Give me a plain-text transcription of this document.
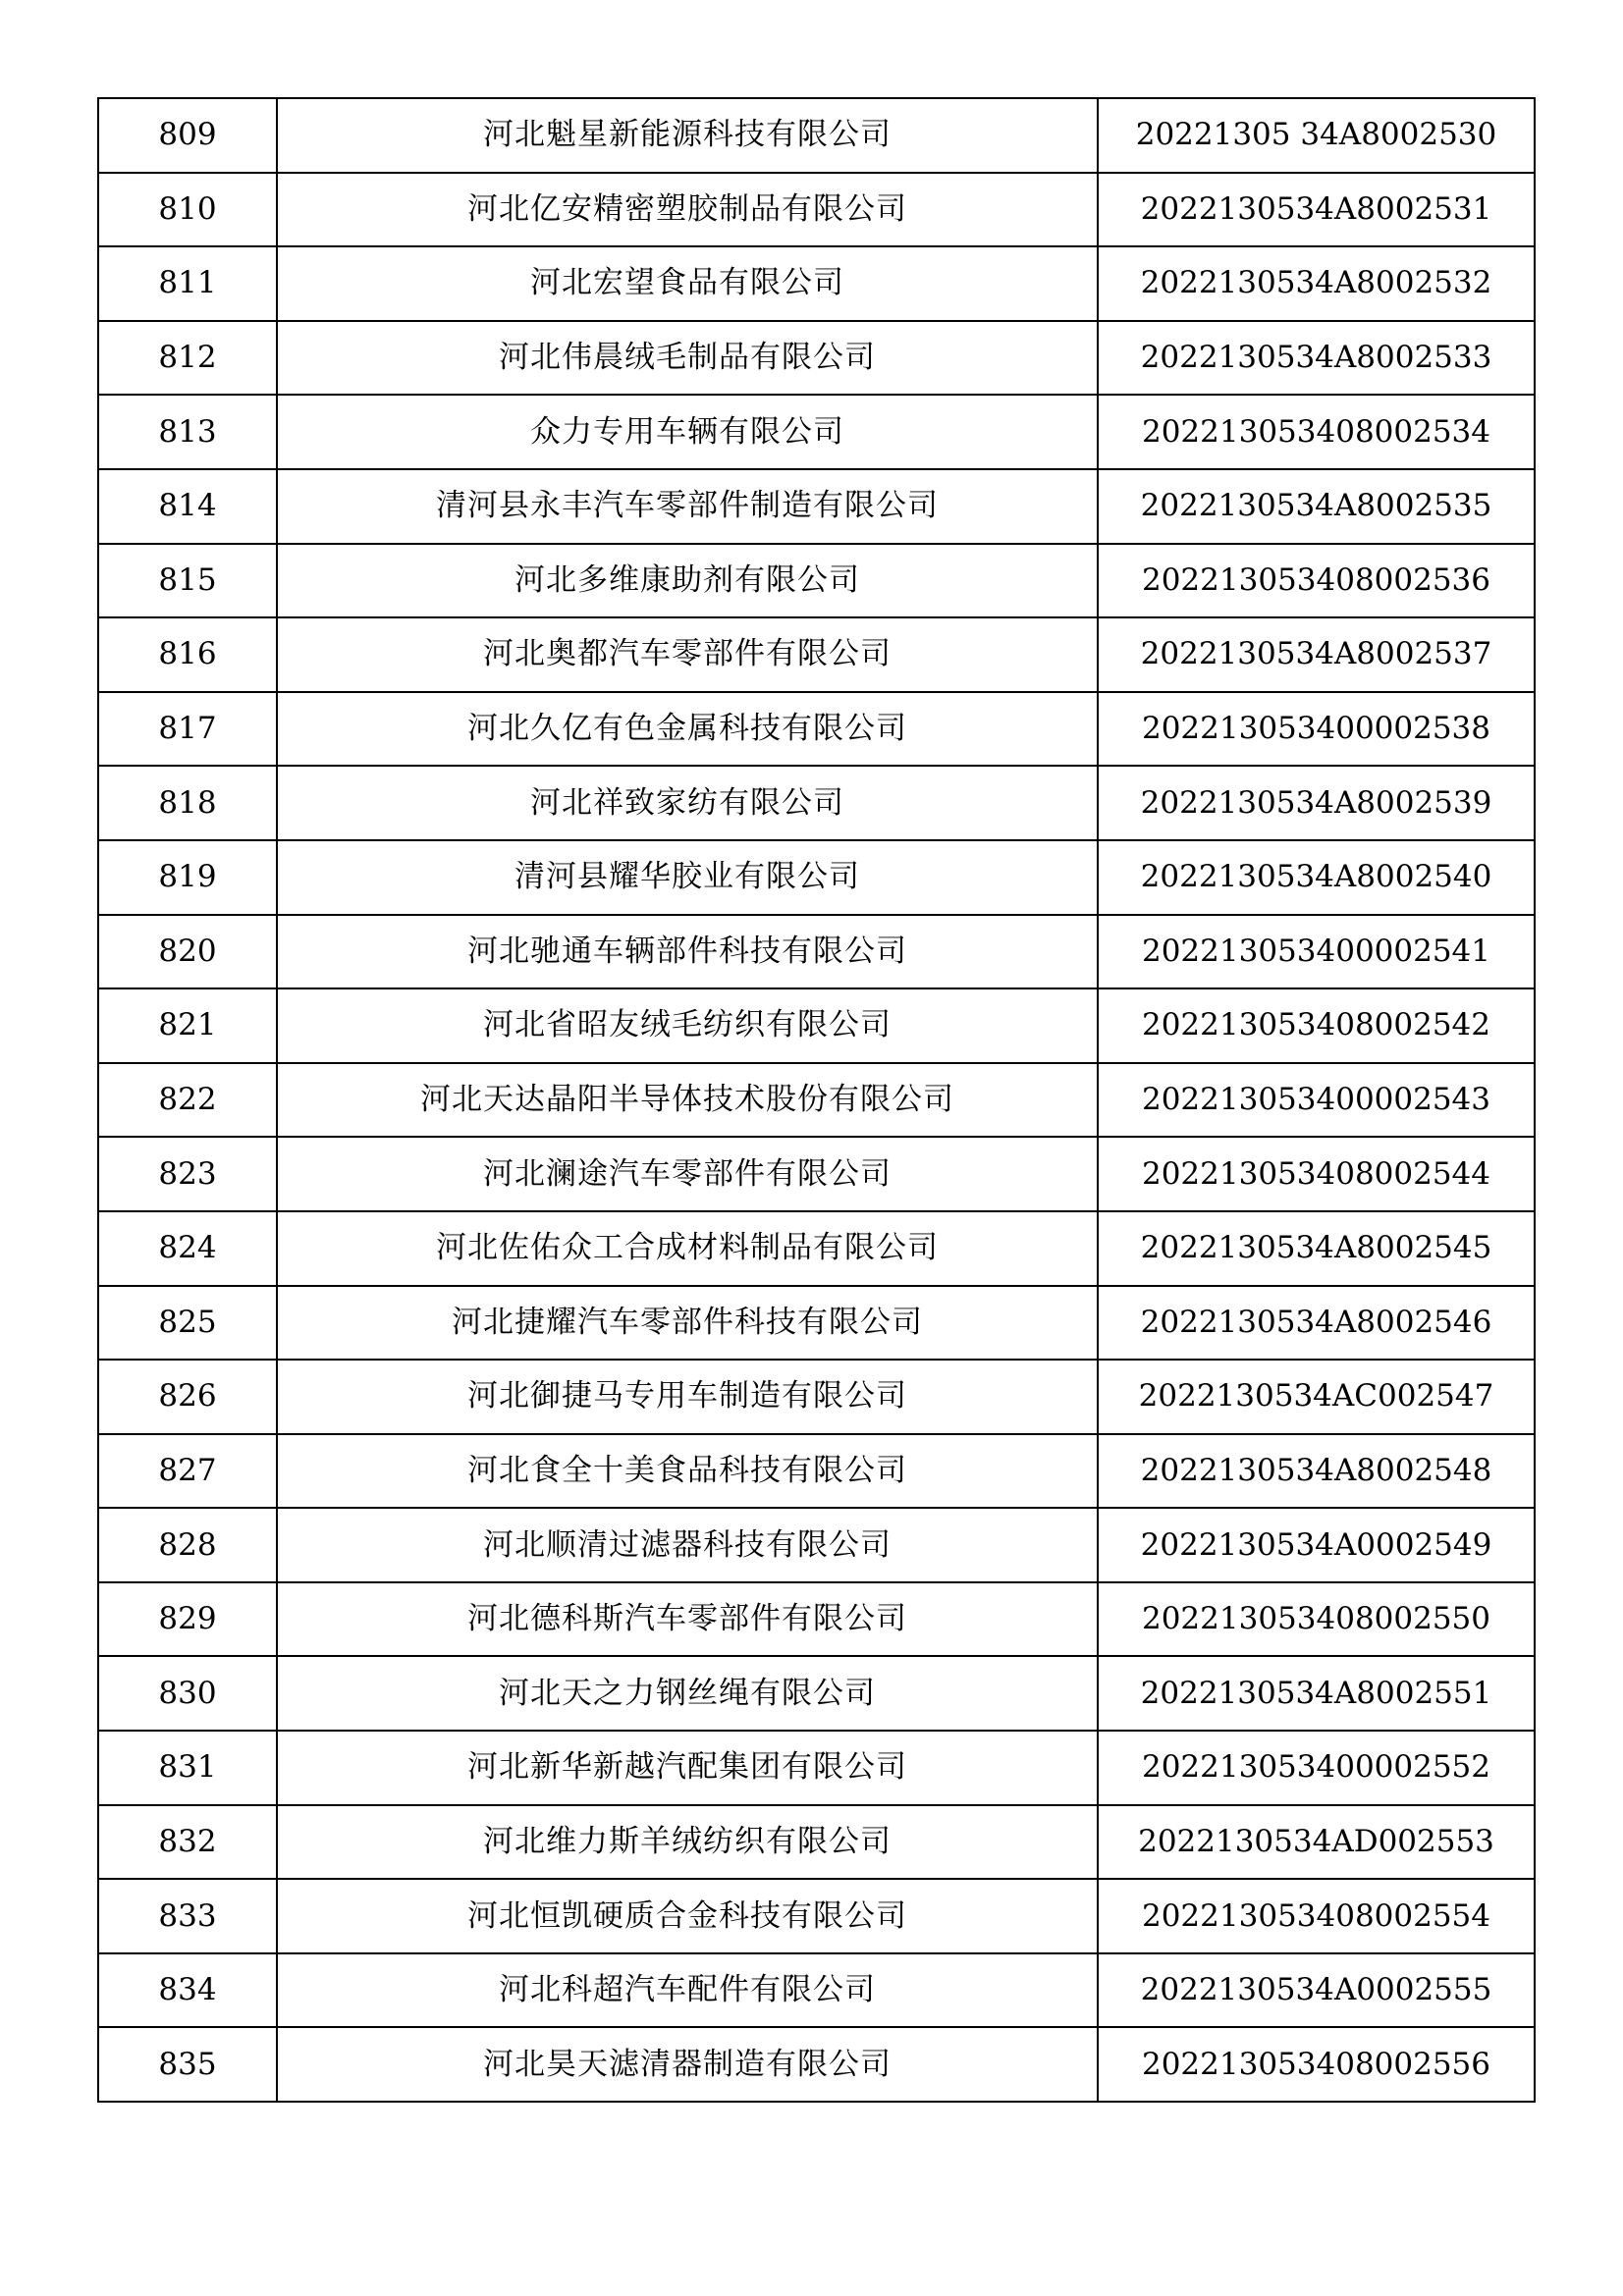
809	河北魁星新能源科技有限公司	20221305 34A8002530
810	河北亿安精密塑胶制品有限公司	2022130534A8002531
811	河北宏望食品有限公司	2022130534A8002532
812	河北伟晨绒毛制品有限公司	2022130534A8002533
813	众力专用车辆有限公司	202213053408002534
814	清河县永丰汽车零部件制造有限公司	2022130534A8002535
815	河北多维康助剂有限公司	202213053408002536
816	河北奥都汽车零部件有限公司	2022130534A8002537
817	河北久亿有色金属科技有限公司	202213053400002538
818	河北祥致家纺有限公司	2022130534A8002539
819	清河县耀华胶业有限公司	2022130534A8002540
820	河北驰通车辆部件科技有限公司	202213053400002541
821	河北省昭友绒毛纺织有限公司	202213053408002542
822	河北天达晶阳半导体技术股份有限公司	202213053400002543
823	河北澜途汽车零部件有限公司	202213053408002544
824	河北佐佑众工合成材料制品有限公司	2022130534A8002545
825	河北捷耀汽车零部件科技有限公司	2022130534A8002546
826	河北御捷马专用车制造有限公司	2022130534AC002547
827	河北食全十美食品科技有限公司	2022130534A8002548
828	河北顺清过滤器科技有限公司	2022130534A0002549
829	河北德科斯汽车零部件有限公司	202213053408002550
830	河北天之力钢丝绳有限公司	2022130534A8002551
831	河北新华新越汽配集团有限公司	202213053400002552
832	河北维力斯羊绒纺织有限公司	2022130534AD002553
833	河北恒凯硬质合金科技有限公司	202213053408002554
834	河北科超汽车配件有限公司	2022130534A0002555
835	河北昊天滤清器制造有限公司	202213053408002556
